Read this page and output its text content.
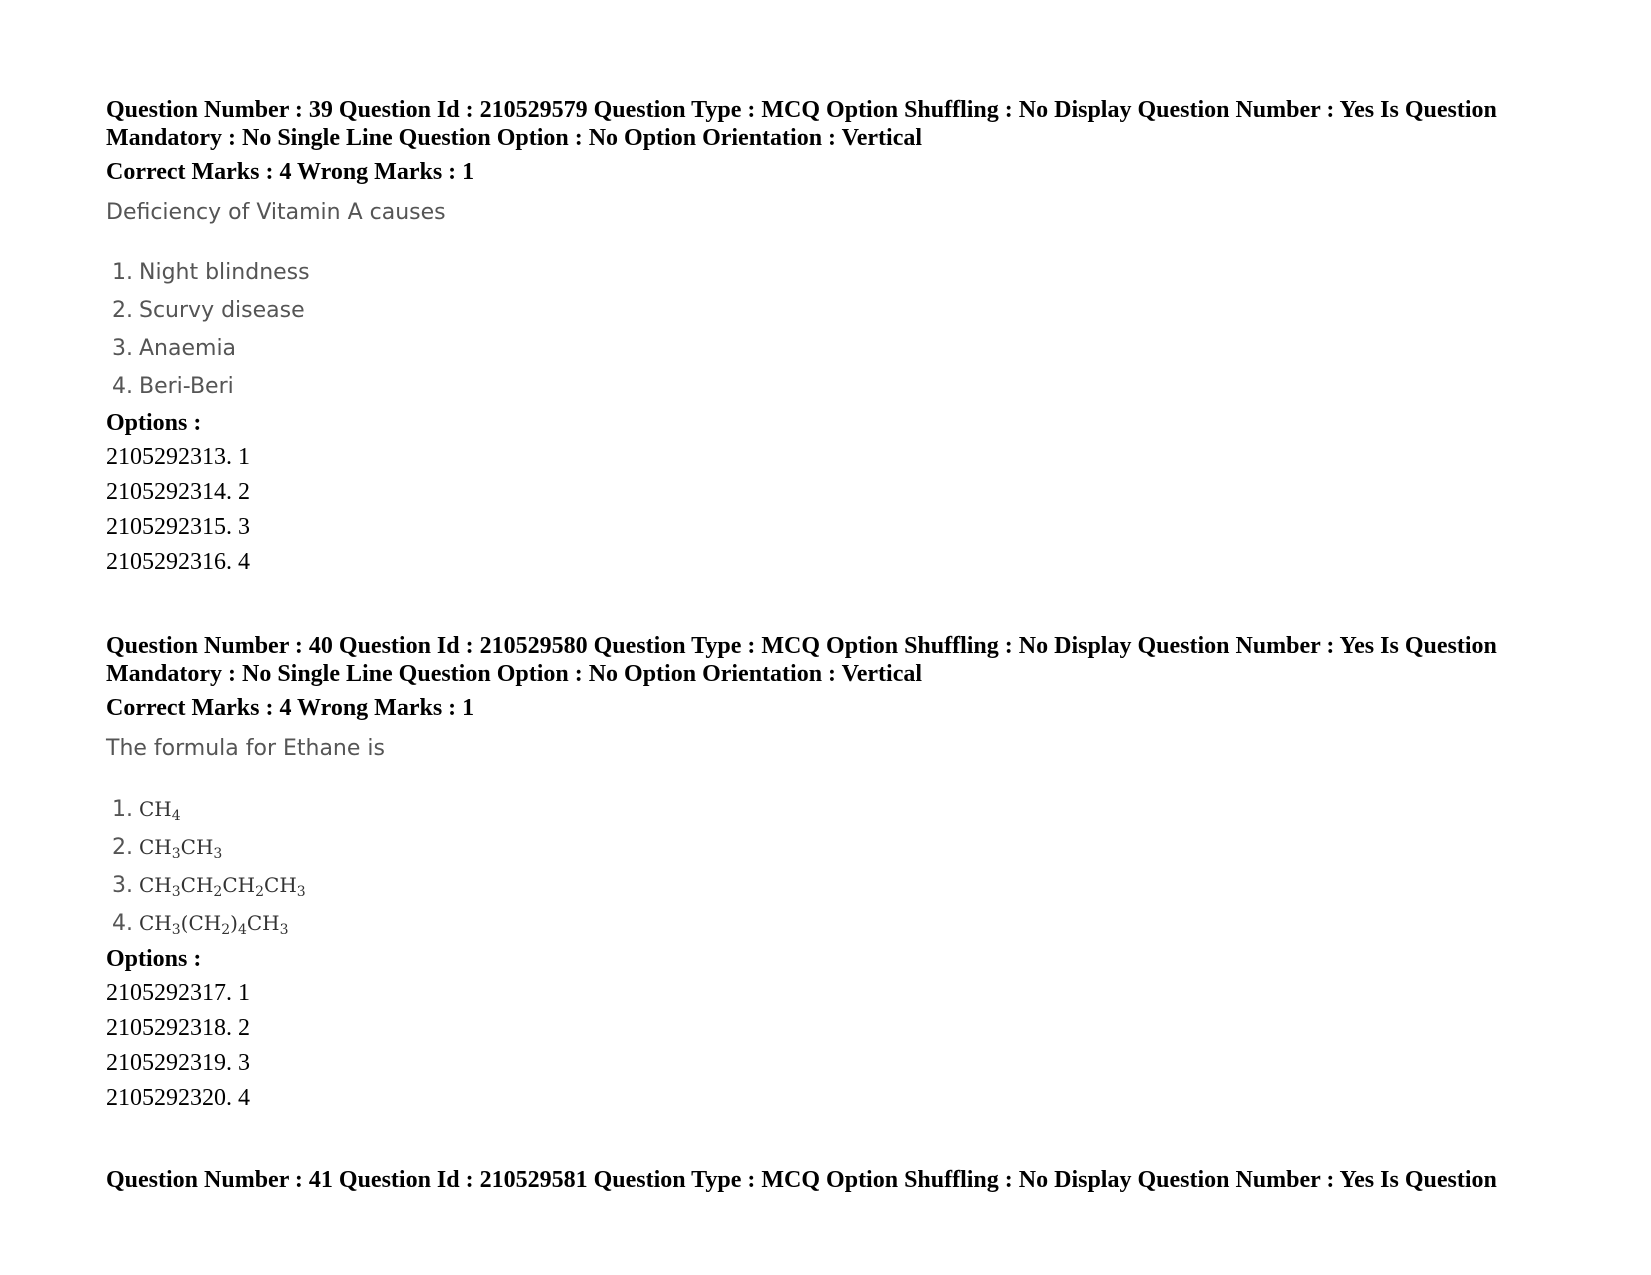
Question Number : 39 Question Id : 210529579 Question Type : MCQ Option Shuffling : No Display Question Number : Yes Is Question

Mandatory : No Single Line Question Option : No Option Orientation : Vertical

Correct Marks : 4 Wrong Marks : 1

Deficiency of Vitamin A causes
1. Night blindness
2. Scurvy disease
3. Anaemia
4. Beri-Beri
Options :
2105292313. 1
2105292314. 2
2105292315. 3
2105292316. 4

Question Number : 40 Question Id : 210529580 Question Type : MCQ Option Shuffling : No Display Question Number : Yes Is Question

Mandatory : No Single Line Question Option : No Option Orientation : Vertical

Correct Marks : 4 Wrong Marks : 1

The formula for Ethane is
1. $CH_4$
2. $CH_3CH_3$
3. $CH_3CH_2CH_2CH_3$
4. $CH_3(CH_2)_4CH_3$
Options :
2105292317. 1
2105292318. 2
2105292319. 3
2105292320. 4

Question Number : 41 Question Id : 210529581 Question Type : MCQ Option Shuffling : No Display Question Number : Yes Is Question
